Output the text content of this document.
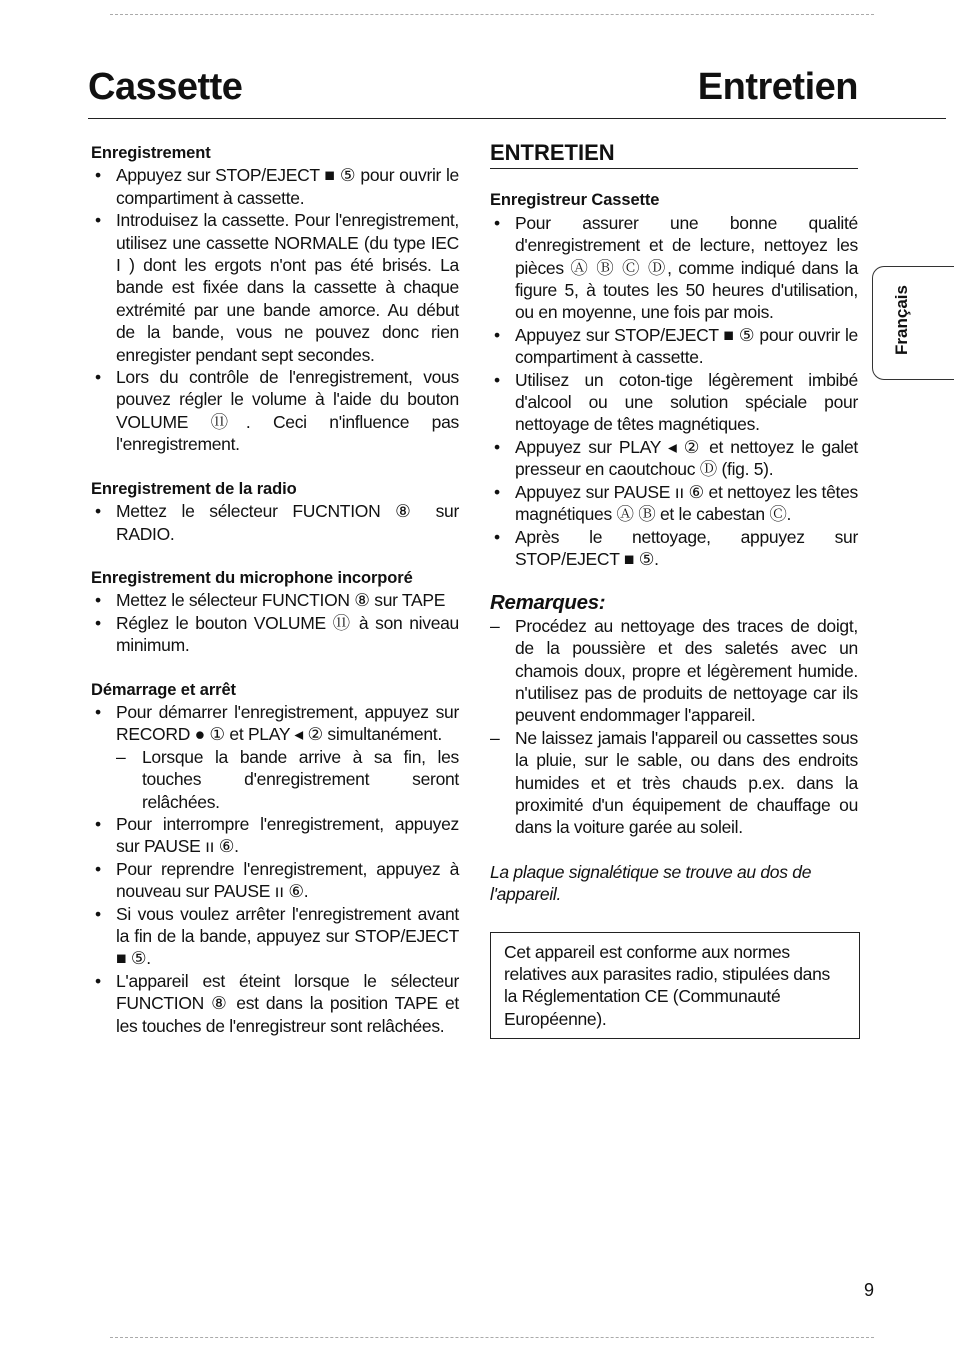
Cassette	Entretien
Enregistrement
• Appuyez sur STOP/EJECT ■ ⑤ pour ouvrir le compartiment à cassette.
• Introduisez la cassette. Pour l'enregistrement, utilisez une cassette NORMALE (du type IEC I ) dont les ergots n'ont pas été brisés. La bande est fixée dans la cassette à chaque extrémité par une bande amorce. Au début de la bande, vous ne pouvez donc rien enregister pendant sept secondes.
• Lors du contrôle de l'enregistrement, vous pouvez régler le volume à l'aide du bouton VOLUME ⑪. Ceci n'influence pas l'enregistrement.
Enregistrement de la radio
• Mettez le sélecteur FUCNTION ⑧ sur RADIO.
Enregistrement du microphone incorporé
• Mettez le sélecteur FUNCTION ⑧ sur TAPE
• Réglez le bouton VOLUME ⑪ à son niveau minimum.
Démarrage et arrêt
• Pour démarrer l'enregistrement, appuyez sur RECORD ● ① et PLAY ◂ ② simultanément.
– Lorsque la bande arrive à sa fin, les touches d'enregistrement seront relâchées.
• Pour interrompre l'enregistrement, appuyez sur PAUSE ıı ⑥.
• Pour reprendre l'enregistrement, appuyez à nouveau sur PAUSE ıı ⑥.
• Si vous voulez arrêter l'enregistrement avant la fin de la bande, appuyez sur STOP/EJECT ■ ⑤.
• L'appareil est éteint lorsque le sélecteur FUNCTION ⑧ est dans la position TAPE et les touches de l'enregistreur sont relâchées.
ENTRETIEN
Enregistreur Cassette
• Pour assurer une bonne qualité d'enregistrement et de lecture, nettoyez les pièces Ⓐ Ⓑ Ⓒ Ⓓ, comme indiqué dans la figure 5, à toutes les 50 heures d'utilisation, ou en moyenne, une fois par mois.
• Appuyez sur STOP/EJECT ■ ⑤ pour ouvrir le compartiment à cassette.
• Utilisez un coton-tige légèrement imbibé d'alcool ou une solution spéciale pour nettoyage de têtes magnétiques.
• Appuyez sur PLAY ◂ ② et nettoyez le galet presseur en caoutchouc Ⓓ (fig. 5).
• Appuyez sur PAUSE ıı ⑥ et nettoyez les têtes magnétiques Ⓐ Ⓑ et le cabestan Ⓒ.
• Après le nettoyage, appuyez sur STOP/EJECT ■ ⑤.
Remarques:
– Procédez au nettoyage des traces de doigt, de la poussière et des saletés avec un chamois doux, propre et légèrement humide. n'utilisez pas de produits de nettoyage car ils peuvent endommager l'appareil.
– Ne laissez jamais l'appareil ou cassettes sous la pluie, sur le sable, ou dans des endroits humides et et très chauds p.ex. dans la proximité d'un équipement de chauffage ou dans la voiture garée au soleil.

La plaque signalétique se trouve au dos de l'appareil.

Cet appareil est conforme aux normes relatives aux parasites radio, stipulées dans la Réglementation CE (Communauté Européenne).
Français
9
